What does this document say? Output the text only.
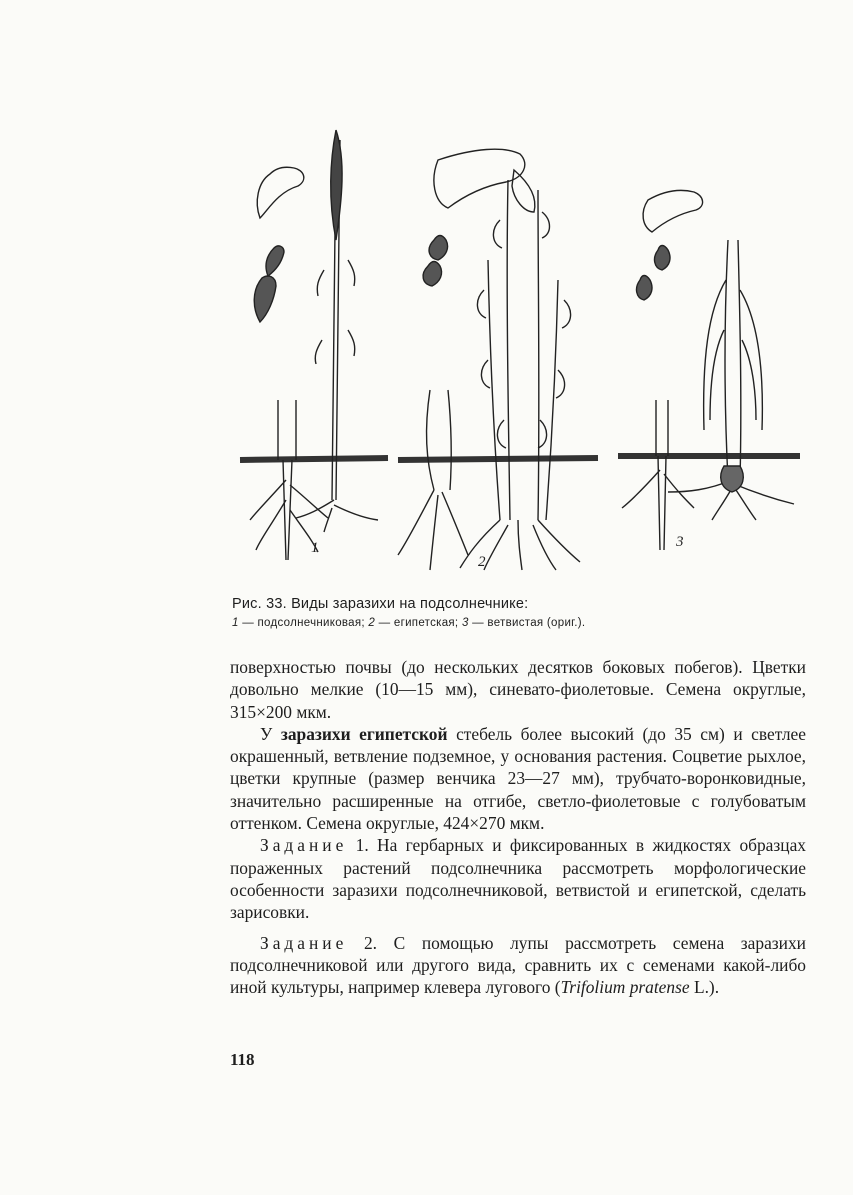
1
2
3
Рис. 33. Виды заразихи на подсолнечнике:
1 — подсолнечниковая; 2 — египетская; 3 — ветвистая (ориг.).

поверхностью почвы (до нескольких десятков боковых побегов). Цветки довольно мелкие (10—15 мм), синевато-фиолетовые. Семена округлые, 315×200 мкм.

У заразихи египетской стебель более высокий (до 35 см) и светлее окрашенный, ветвление подземное, у основания растения. Соцветие рыхлое, цветки крупные (размер венчика 23—27 мм), трубчато-воронковидные, значительно расширенные на отгибе, светло-фиолетовые с голубоватым оттенком. Семена округлые, 424×270 мкм.

Задание 1. На гербарных и фиксированных в жидкостях образцах пораженных растений подсолнечника рассмотреть морфологические особенности заразихи подсолнечниковой, ветвистой и египетской, сделать зарисовки.

Задание 2. С помощью лупы рассмотреть семена заразихи подсолнечниковой или другого вида, сравнить их с семенами какой-либо иной культуры, например клевера лугового (Trifolium pratense L.).

118
